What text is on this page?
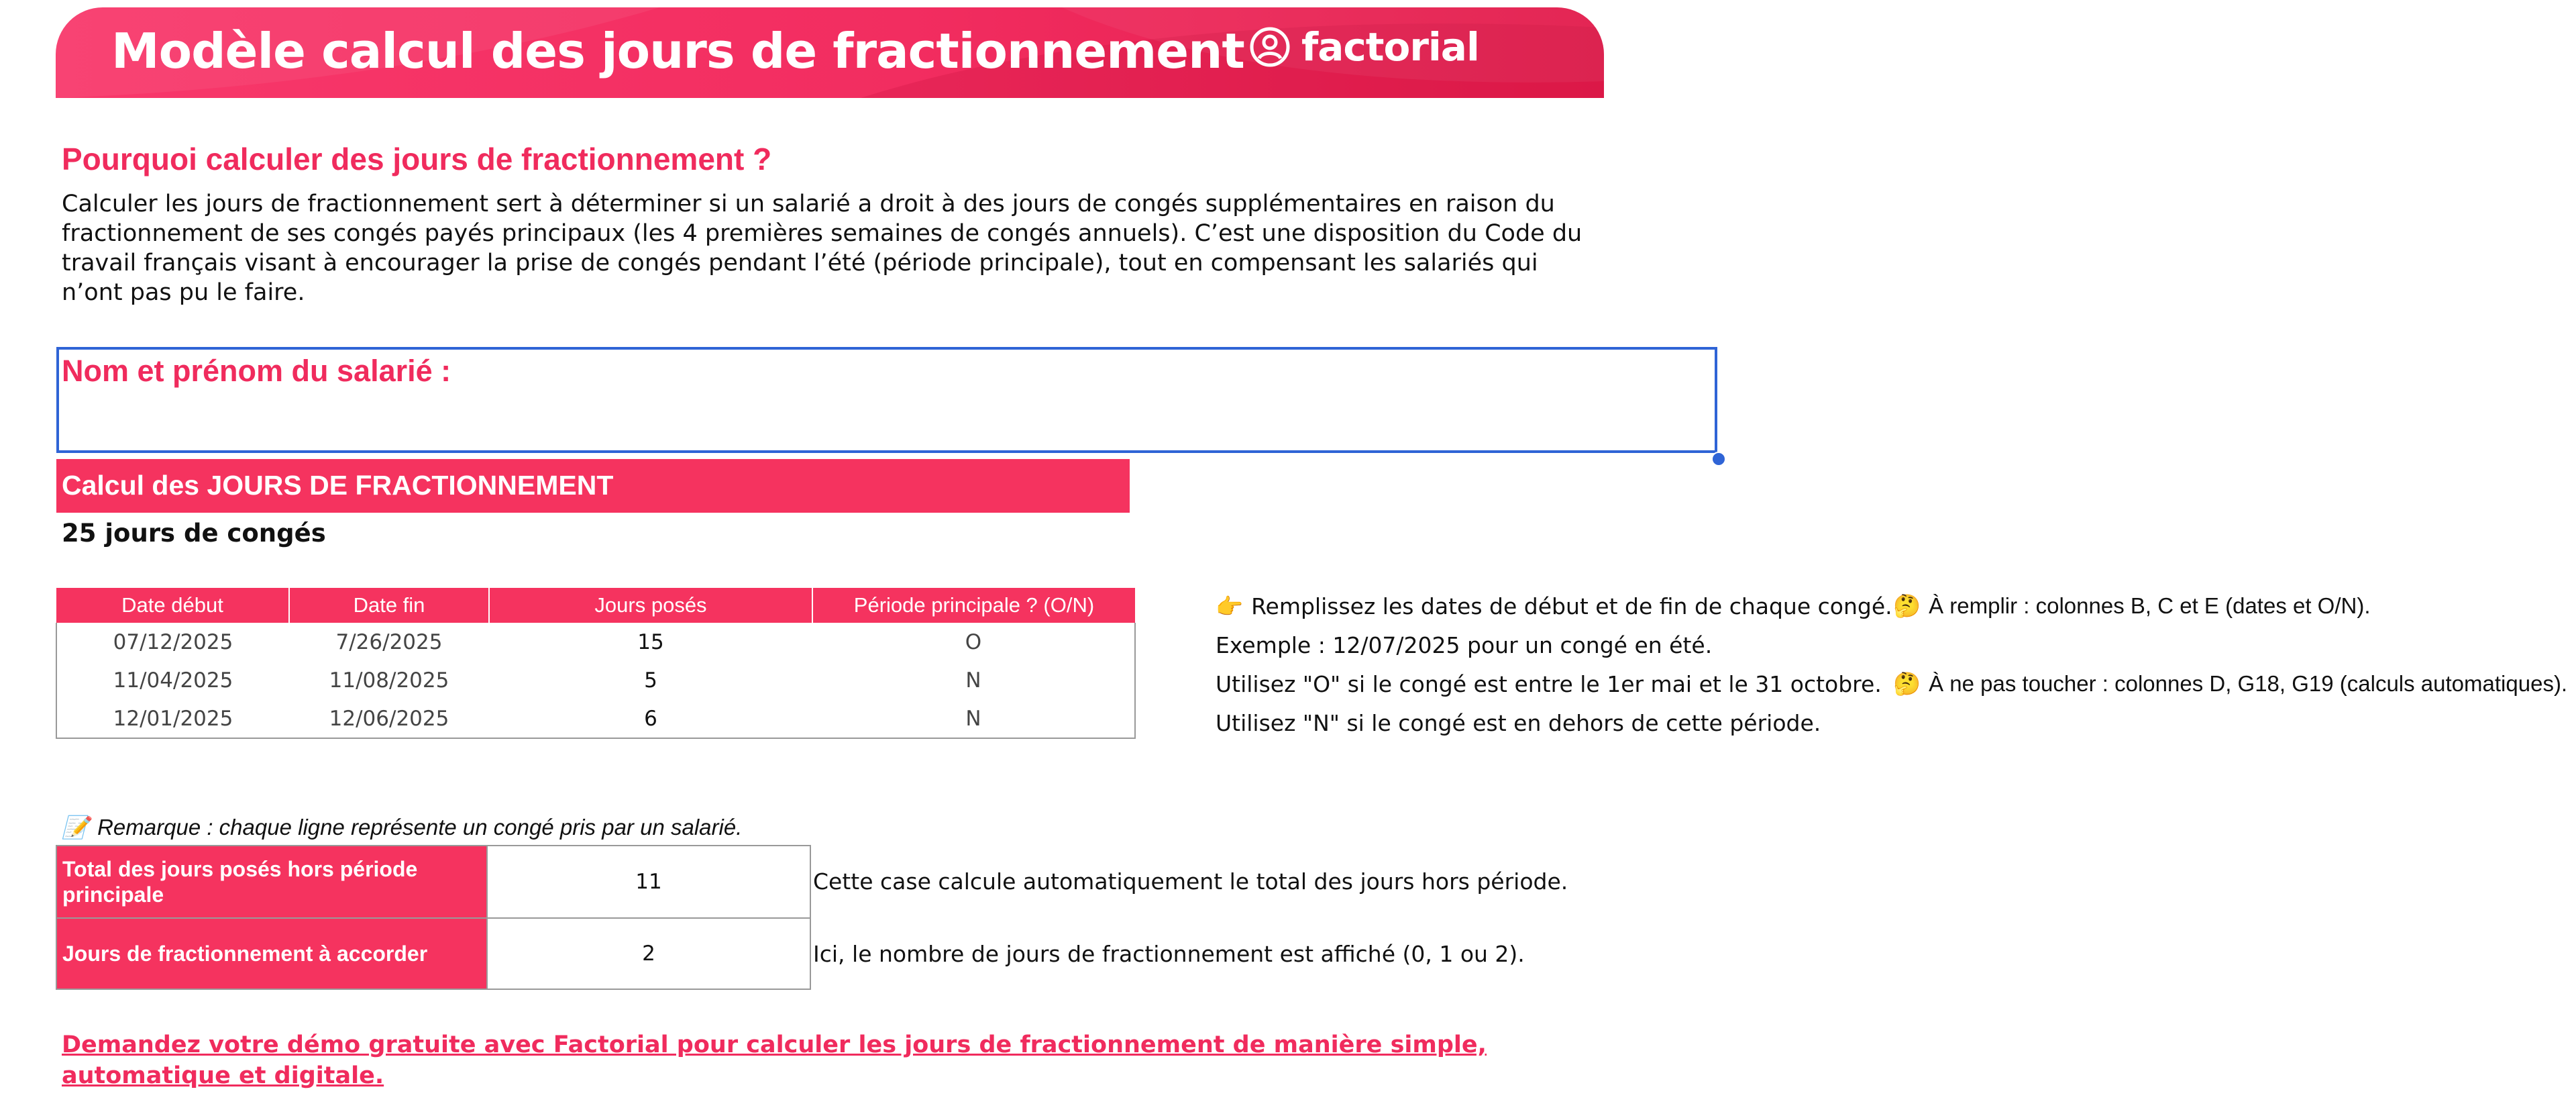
Modèle calcul des jours de fractionnement factorial
Pourquoi calculer des jours de fractionnement ?
Calculer les jours de fractionnement sert à déterminer si un salarié a droit à des jours de congés supplémentaires en raison du fractionnement de ses congés payés principaux (les 4 premières semaines de congés annuels). C’est une disposition du Code du travail français visant à encourager la prise de congés pendant l’été (période principale), tout en compensant les salariés qui n’ont pas pu le faire.
Nom et prénom du salarié :
Calcul des JOURS DE FRACTIONNEMENT
25 jours de congés
Date début	Date fin	Jours posés	Période principale ? (O/N)
07/12/2025	7/26/2025	15	O
11/04/2025	11/08/2025	5	N
12/01/2025	12/06/2025	6	N
👉 Remplissez les dates de début et de fin de chaque congé.
Exemple : 12/07/2025 pour un congé en été.
Utilisez "O" si le congé est entre le 1er mai et le 31 octobre.
Utilisez "N" si le congé est en dehors de cette période.
🤔 À remplir : colonnes B, C et E (dates et O/N).
🤔 À ne pas toucher : colonnes D, G18, G19 (calculs automatiques).
📝 Remarque : chaque ligne représente un congé pris par un salarié.
Total des jours posés hors période principale	11
Jours de fractionnement à accorder	2
Cette case calcule automatiquement le total des jours hors période.
Ici, le nombre de jours de fractionnement est affiché (0, 1 ou 2).
Demandez votre démo gratuite avec Factorial pour calculer les jours de fractionnement de manière simple, automatique et digitale.
